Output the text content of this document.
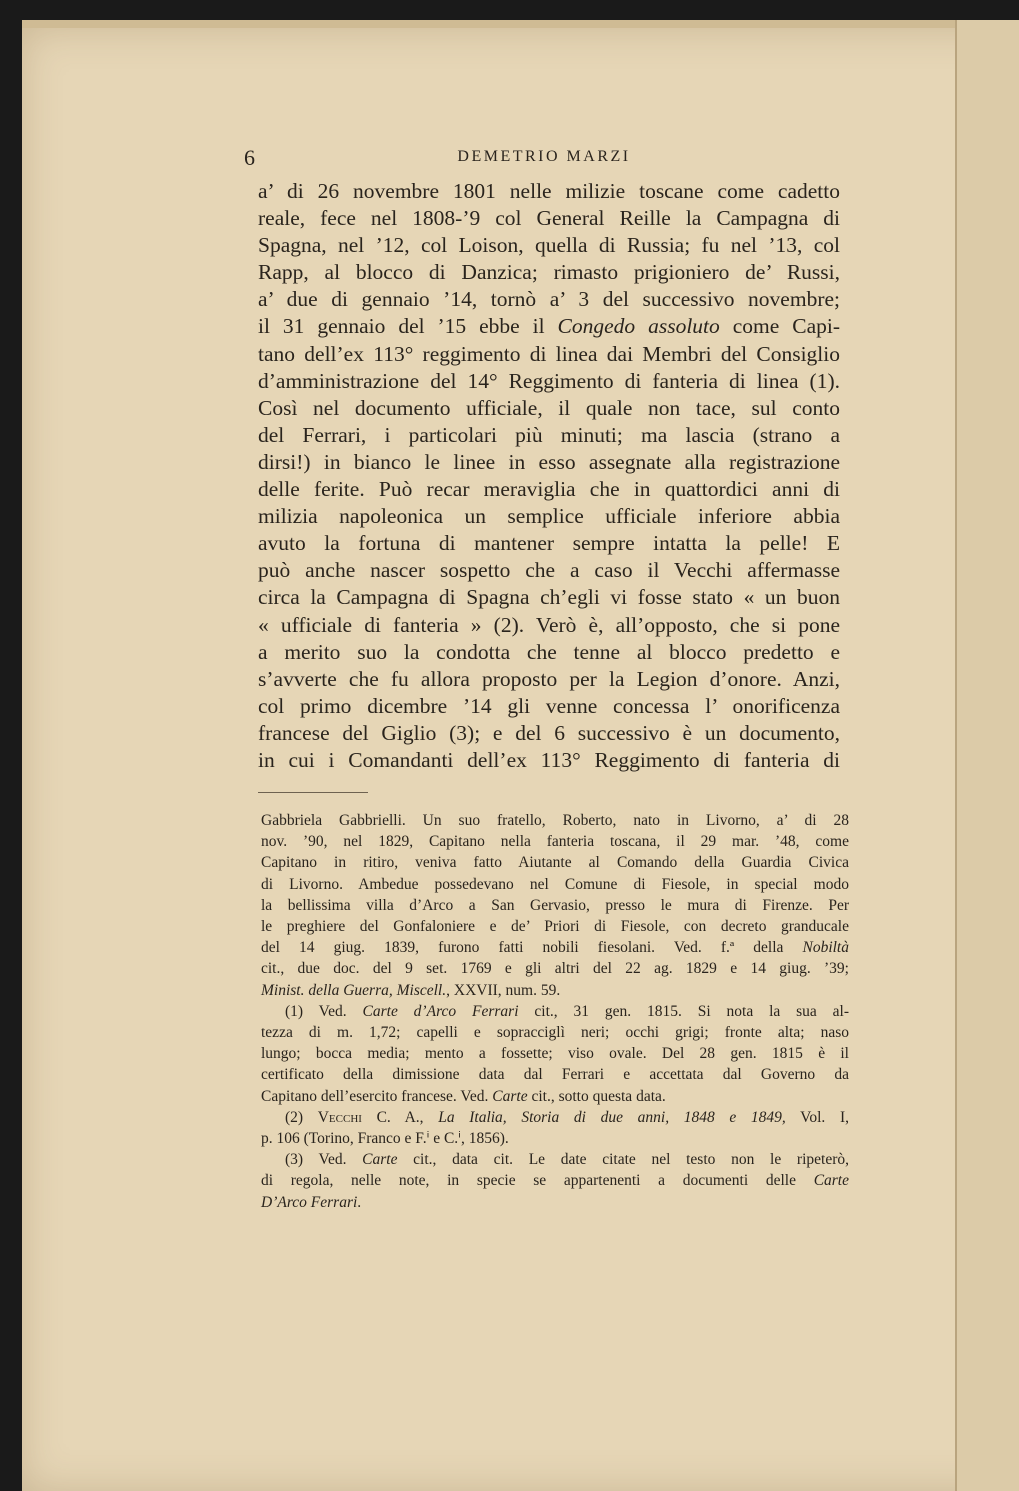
6	DEMETRIO MARZI
a’ di 26 novembre 1801 nelle milizie toscane come cadetto
reale, fece nel 1808-’9 col General Reille la Campagna di
Spagna, nel ’12, col Loison, quella di Russia; fu nel ’13, col
Rapp, al blocco di Danzica; rimasto prigioniero de’ Russi,
a’ due di gennaio ’14, tornò a’ 3 del successivo novembre;
il 31 gennaio del ’15 ebbe il Congedo assoluto come Capi-
tano dell’ex 113° reggimento di linea dai Membri del Consiglio
d’amministrazione del 14° Reggimento di fanteria di linea (1).
Così nel documento ufficiale, il quale non tace, sul conto
del Ferrari, i particolari più minuti; ma lascia (strano a
dirsi!) in bianco le linee in esso assegnate alla registrazione
delle ferite. Può recar meraviglia che in quattordici anni di
milizia napoleonica un semplice ufficiale inferiore abbia
avuto la fortuna di mantener sempre intatta la pelle! E
può anche nascer sospetto che a caso il Vecchi affermasse
circa la Campagna di Spagna ch’egli vi fosse stato « un buon
« ufficiale di fanteria » (2). Verò è, all’opposto, che si pone
a merito suo la condotta che tenne al blocco predetto e
s’avverte che fu allora proposto per la Legion d’onore. Anzi,
col primo dicembre ’14 gli venne concessa l’ onorificenza
francese del Giglio (3); e del 6 successivo è un documento,
in cui i Comandanti dell’ex 113° Reggimento di fanteria di
Gabbriela Gabbrielli. Un suo fratello, Roberto, nato in Livorno, a’ di 28
nov. ’90, nel 1829, Capitano nella fanteria toscana, il 29 mar. ’48, come
Capitano in ritiro, veniva fatto Aiutante al Comando della Guardia Civica
di Livorno. Ambedue possedevano nel Comune di Fiesole, in special modo
la bellissima villa d’Arco a San Gervasio, presso le mura di Firenze. Per
le preghiere del Gonfaloniere e de’ Priori di Fiesole, con decreto granducale
del 14 giug. 1839, furono fatti nobili fiesolani. Ved. f.ª della Nobiltà
cit., due doc. del 9 set. 1769 e gli altri del 22 ag. 1829 e 14 giug. ’39;
Minist. della Guerra, Miscell., XXVII, num. 59.
(1) Ved. Carte d’Arco Ferrari cit., 31 gen. 1815. Si nota la sua al-
tezza di m. 1,72; capelli e sopracciglì neri; occhi grigi; fronte alta; naso
lungo; bocca media; mento a fossette; viso ovale. Del 28 gen. 1815 è il
certificato della dimissione data dal Ferrari e accettata dal Governo da
Capitano dell’esercito francese. Ved. Carte cit., sotto questa data.
(2) Vecchi C. A., La Italia, Storia di due anni, 1848 e 1849, Vol. I,
p. 106 (Torino, Franco e F.ⁱ e C.ⁱ, 1856).
(3) Ved. Carte cit., data cit. Le date citate nel testo non le ripeterò,
di regola, nelle note, in specie se appartenenti a documenti delle Carte
D’Arco Ferrari.
